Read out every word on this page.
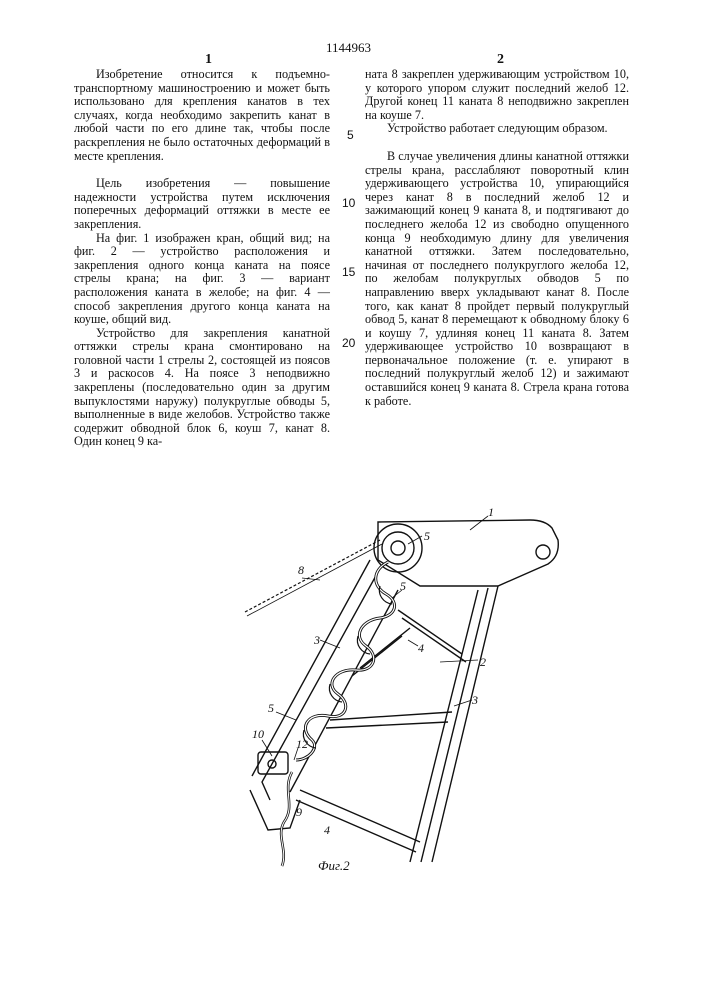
1144963
1	2

Изобретение относится к подъемно-транспортному машиностроению и может быть использовано для крепления канатов в тех случаях, когда необходимо закрепить канат в любой части по его длине так, чтобы после раскрепления не было остаточных деформаций в месте крепления.

Цель изобретения — повышение надежности устройства путем исключения поперечных деформаций оттяжки в месте ее закрепления.

На фиг. 1 изображен кран, общий вид; на фиг. 2 — устройство расположения и закрепления одного конца каната на поясе стрелы крана; на фиг. 3 — вариант расположения каната в желобе; на фиг. 4 — способ закрепления другого конца каната на коуше, общий вид.

Устройство для закрепления канатной оттяжки стрелы крана смонтировано на головной части 1 стрелы 2, состоящей из поясов 3 и раскосов 4. На поясе 3 неподвижно закреплены (последовательно один за другим выпуклостями наружу) полукруглые обводы 5, выполненные в виде желобов. Устройство также содержит обводной блок 6, коуш 7, канат 8. Один конец 9 ка-

5
10
15
20

ната 8 закреплен удерживающим устройством 10, у которого упором служит последний желоб 12. Другой конец 11 каната 8 неподвижно закреплен на коуше 7.

Устройство работает следующим образом.

В случае увеличения длины канатной оттяжки стрелы крана, расслабляют поворотный клин удерживающего устройства 10, упирающийся через канат 8 в последний желоб 12 и зажимающий конец 9 каната 8, и подтягивают до последнего желоба 12 из свободно опущенного конца 9 необходимую длину для увеличения канатной оттяжки. Затем последовательно, начиная от последнего полукруглого желоба 12, по желобам полукруглых обводов 5 по направлению вверх укладывают канат 8. После того, как канат 8 пройдет первый полукруглый обвод 5, канат 8 перемещают к обводному блоку 6 и коушу 7, удлиняя конец 11 каната 8. Затем удерживающее устройство 10 возвращают в первоначальное положение (т. е. упирают в последний полукруглый желоб 12) и зажимают оставшийся конец 9 каната 8. Стрела крана готова к работе.

1
5
5
8
3
4
2
3
5
10
12
9
4
Фиг.2
